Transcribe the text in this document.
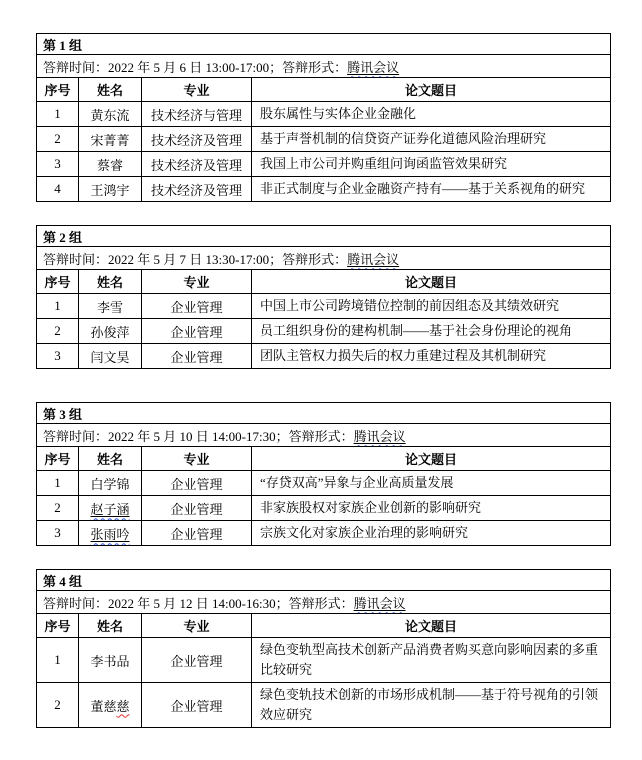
第 1 组			
答辩时间：2022 年 5 月 6 日 13:00-17:00；答辩形式：腾讯会议			
序号	姓名	专业	论文题目
1	黄东流	技术经济与管理	股东属性与实体企业金融化
2	宋菁菁	技术经济及管理	基于声誉机制的信贷资产证券化道德风险治理研究
3	蔡睿	技术经济及管理	我国上市公司并购重组问询函监管效果研究
4	王鸿宇	技术经济及管理	非正式制度与企业金融资产持有——基于关系视角的研究
第 2 组			
答辩时间：2022 年 5 月 7 日 13:30-17:00；答辩形式：腾讯会议			
序号	姓名	专业	论文题目
1	李雪	企业管理	中国上市公司跨境错位控制的前因组态及其绩效研究
2	孙俊萍	企业管理	员工组织身份的建构机制——基于社会身份理论的视角
3	闫文昊	企业管理	团队主管权力损失后的权力重建过程及其机制研究
第 3 组			
答辩时间：2022 年 5 月 10 日 14:00-17:30；答辩形式：腾讯会议			
序号	姓名	专业	论文题目
1	白学锦	企业管理	“存贷双高”异象与企业高质量发展
2	赵子涵	企业管理	非家族股权对家族企业创新的影响研究
3	张雨吟	企业管理	宗族文化对家族企业治理的影响研究
第 4 组			
答辩时间：2022 年 5 月 12 日 14:00-16:30；答辩形式：腾讯会议			
序号	姓名	专业	论文题目
1	李书品	企业管理	绿色变轨型高技术创新产品消费者购买意向影响因素的多重比较研究
2	董慈慈	企业管理	绿色变轨技术创新的市场形成机制——基于符号视角的引领效应研究
